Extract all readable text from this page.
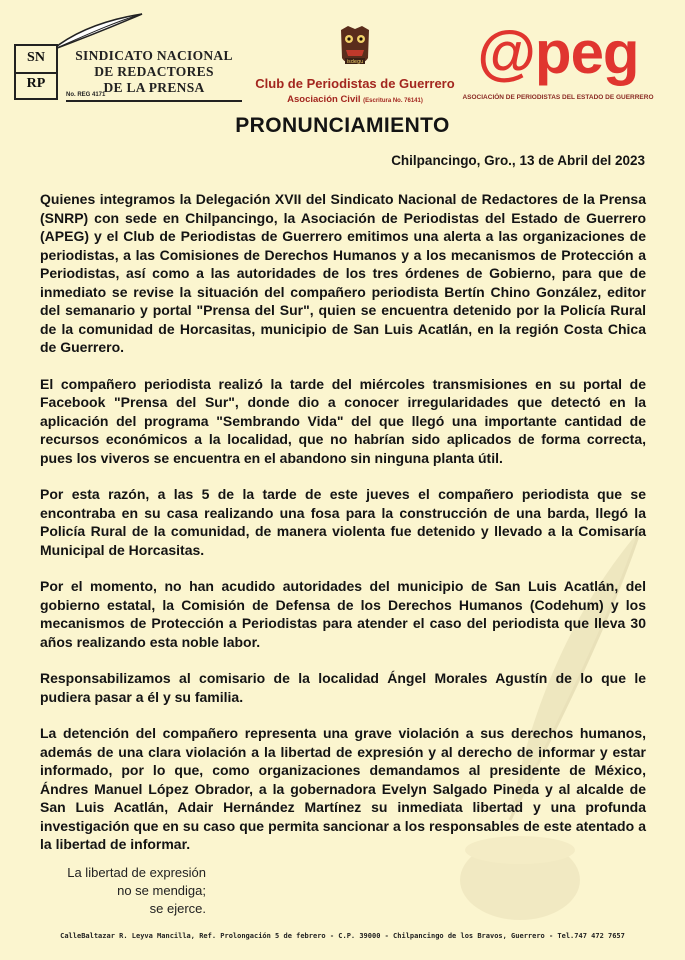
SN
RP
SINDICATO NACIONAL
DE REDACTORES
DE LA PRENSA
No. REG 4171
isdegu
Club de Periodistas de Guerrero
Asociación Civil (Escritura No. 76141)
@peg
ASOCIACIÓN DE PERIODISTAS DEL ESTADO DE GUERRERO
PRONUNCIAMIENTO
Chilpancingo, Gro., 13 de Abril del 2023

Quienes integramos la Delegación XVII del Sindicato Nacional de Redactores de la Prensa (SNRP) con sede en Chilpancingo, la Asociación de Periodistas del Estado de Guerrero (APEG) y el Club de Periodistas de Guerrero emitimos una alerta a las organizaciones de periodistas, a las Comisiones de Derechos Humanos y a los mecanismos de Protección a Periodistas, así como a las autoridades de los tres órdenes de Gobierno, para que de inmediato se revise la situación del compañero periodista Bertín Chino González, editor del semanario y portal "Prensa del Sur", quien se encuentra detenido por la Policía Rural de la comunidad de Horcasitas, municipio de San Luis Acatlán, en la región Costa Chica de Guerrero.

El compañero periodista realizó la tarde del miércoles transmisiones en su portal de Facebook "Prensa del Sur", donde dio a conocer irregularidades que detectó en la aplicación del programa "Sembrando Vida" del que llegó una importante cantidad de recursos económicos a la localidad, que no habrían sido aplicados de forma correcta, pues los viveros se encuentra en el abandono sin ninguna planta útil.

Por esta razón, a las 5 de la tarde de este jueves el compañero periodista que se encontraba en su casa realizando una fosa para la construcción de una barda, llegó la Policía Rural de la comunidad, de manera violenta fue detenido y llevado a la Comisaría Municipal de Horcasitas.

Por el momento, no han acudido autoridades del municipio de San Luis Acatlán, del gobierno estatal, la Comisión de Defensa de los Derechos Humanos (Codehum) y los mecanismos de Protección a Periodistas para atender el caso del periodista que lleva 30 años realizando esta noble labor.

Responsabilizamos al comisario de la localidad Ángel Morales Agustín de lo que le pudiera pasar a él y su familia.

La detención del compañero representa una grave violación a sus derechos humanos, además de una clara violación a la libertad de expresión y al derecho de informar y estar informado, por lo que, como organizaciones demandamos al presidente de México, Ándres Manuel López Obrador, a la gobernadora Evelyn Salgado Pineda y al alcalde de San Luis Acatlán, Adair Hernández Martínez su inmediata libertad y una profunda investigación que en su caso que permita sancionar a los responsables de este atentado a la libertad de informar.

La libertad de expresión
no se mendiga;
se ejerce.
CalleBaltazar R. Leyva Mancilla, Ref. Prolongación 5 de febrero - C.P. 39000 - Chilpancingo de los Bravos, Guerrero - Tel.747 472 7657
